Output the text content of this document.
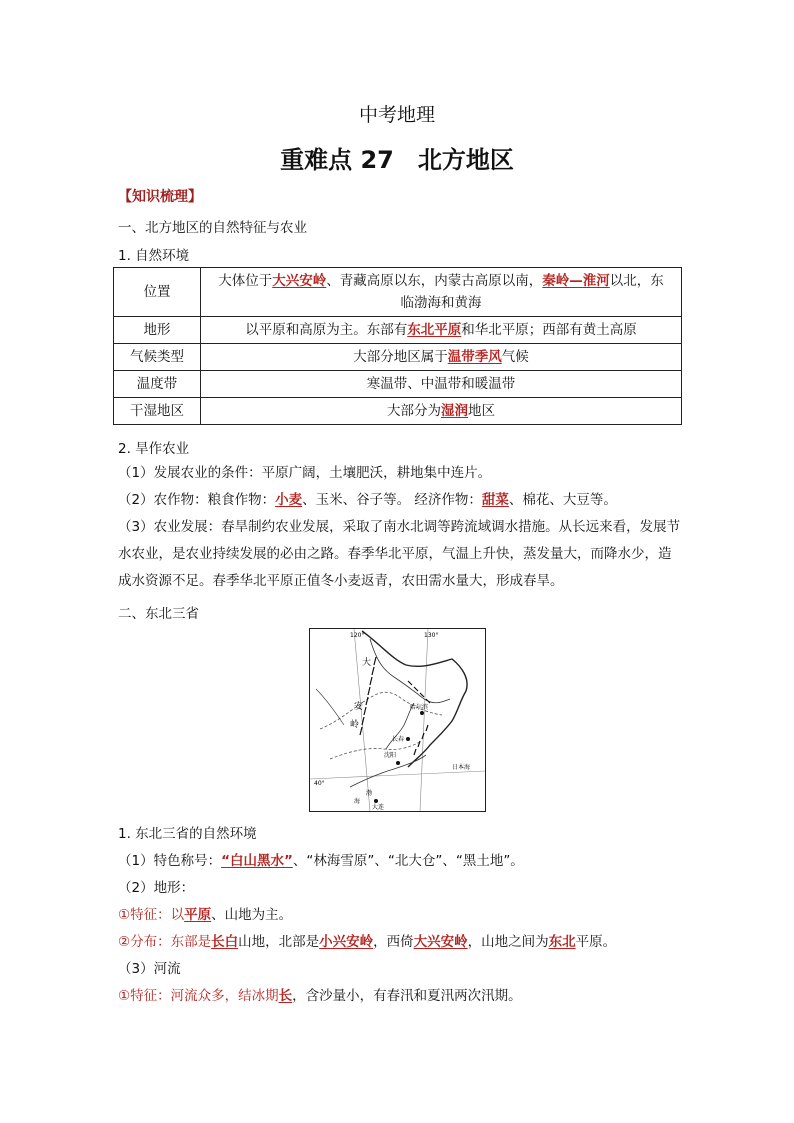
中考地理
重难点 27　北方地区
【知识梳理】
一、北方地区的自然特征与农业
1. 自然环境
位置	大体位于大兴安岭、青藏高原以东，内蒙古高原以南，秦岭—淮河以北，东
临渤海和黄海
地形	以平原和高原为主。东部有东北平原和华北平原；西部有黄土高原
气候类型	大部分地区属于温带季风气候
温度带	寒温带、中温带和暖温带
干湿地区	大部分为湿润地区
2. 旱作农业
（1）发展农业的条件：平原广阔，土壤肥沃，耕地集中连片。
（2）农作物：粮食作物：小麦、玉米、谷子等。 经济作物：甜菜、棉花、大豆等。
（3）农业发展：春旱制约农业发展，采取了南水北调等跨流域调水措施。从长远来看，发展节水农业，是农业持续发展的必由之路。春季华北平原，气温上升快，蒸发量大，而降水少，造成水资源不足。春季华北平原正值冬小麦返青，农田需水量大，形成春旱。
二、东北三省
120°	130°
大
安
岭
哈尔滨
长春
沈阳
日本海
渤
海
大连
40°
1. 东北三省的自然环境
（1）特色称号：“白山黑水”、“林海雪原”、“北大仓”、“黑土地”。
（2）地形：
①特征：以平原、山地为主。
②分布：东部是长白山地，北部是小兴安岭，西倚大兴安岭，山地之间为东北平原。
（3）河流
①特征：河流众多，结冰期长，含沙量小，有春汛和夏汛两次汛期。
